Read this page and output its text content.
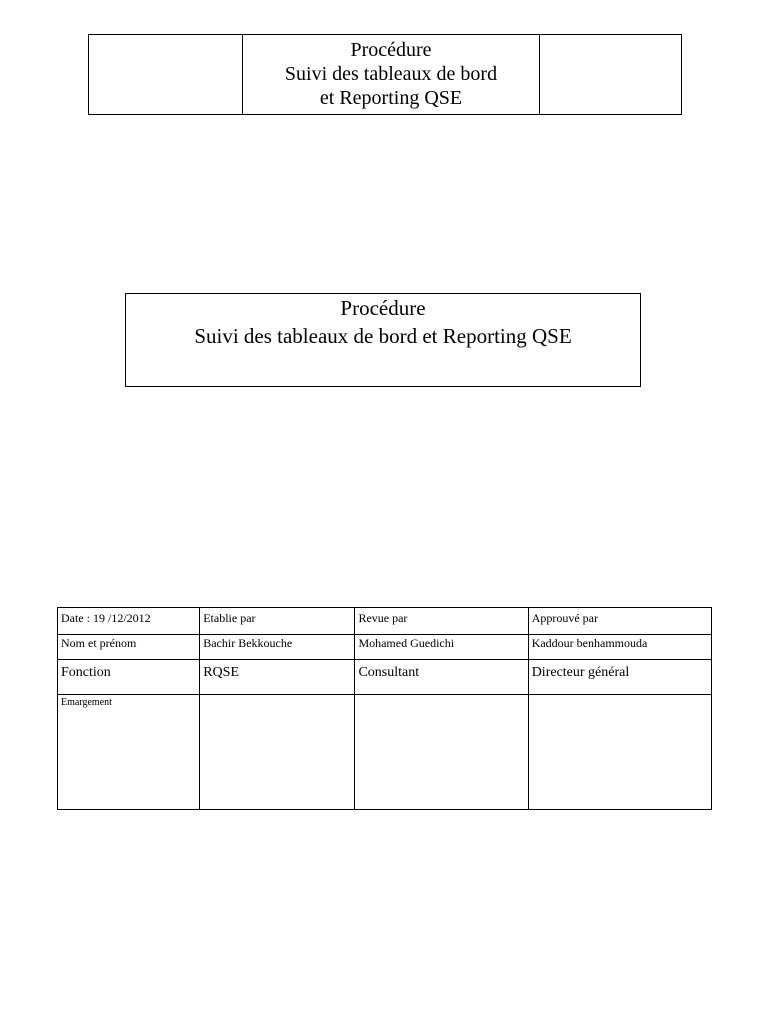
Procédure
Suivi des tableaux de bord
et Reporting QSE

Procédure
Suivi des tableaux de bord et Reporting QSE
Date : 19 /12/2012	Etablie par	Revue par	Approuvé par
Nom et prénom	Bachir Bekkouche	Mohamed Guedichi	Kaddour benhammouda
Fonction	RQSE	Consultant	Directeur général
Emargement			
